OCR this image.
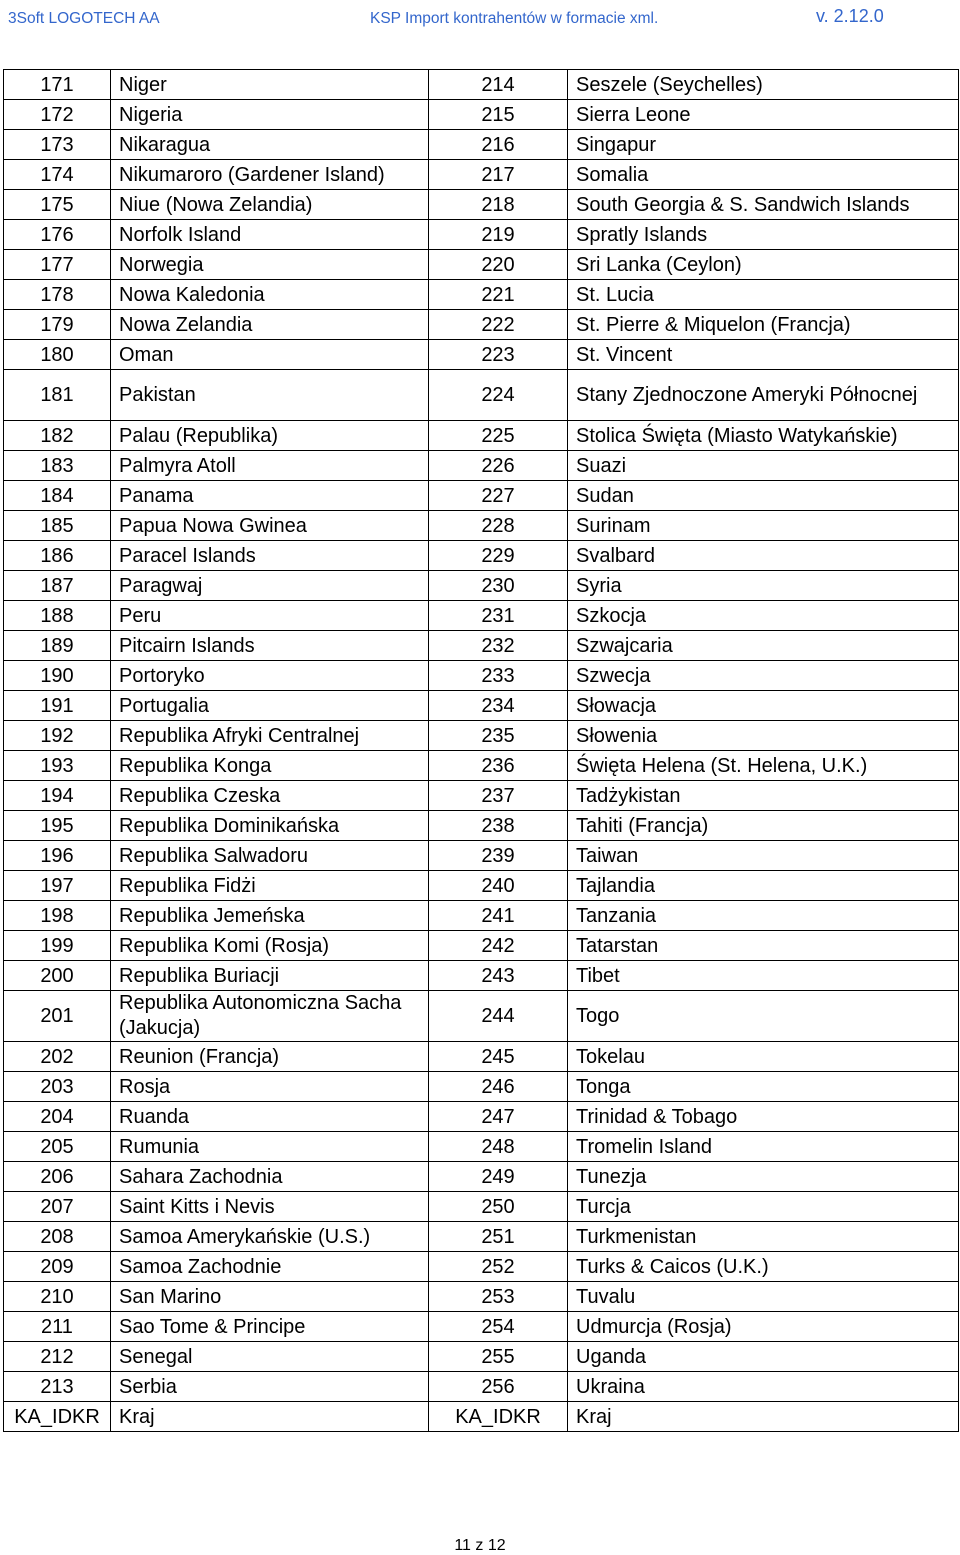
3Soft LOGOTECH AA	KSP Import kontrahentów w formacie xml.	v. 2.12.0
171	Niger	214	Seszele (Seychelles)
172	Nigeria	215	Sierra Leone
173	Nikaragua	216	Singapur
174	Nikumaroro (Gardener Island)	217	Somalia
175	Niue (Nowa Zelandia)	218	South Georgia & S. Sandwich Islands
176	Norfolk Island	219	Spratly Islands
177	Norwegia	220	Sri Lanka (Ceylon)
178	Nowa Kaledonia	221	St. Lucia
179	Nowa Zelandia	222	St. Pierre & Miquelon (Francja)
180	Oman	223	St. Vincent
181	Pakistan	224	Stany Zjednoczone Ameryki Północnej
182	Palau (Republika)	225	Stolica Święta (Miasto Watykańskie)
183	Palmyra Atoll	226	Suazi
184	Panama	227	Sudan
185	Papua Nowa Gwinea	228	Surinam
186	Paracel Islands	229	Svalbard
187	Paragwaj	230	Syria
188	Peru	231	Szkocja
189	Pitcairn Islands	232	Szwajcaria
190	Portoryko	233	Szwecja
191	Portugalia	234	Słowacja
192	Republika Afryki Centralnej	235	Słowenia
193	Republika Konga	236	Święta Helena (St. Helena, U.K.)
194	Republika Czeska	237	Tadżykistan
195	Republika Dominikańska	238	Tahiti (Francja)
196	Republika Salwadoru	239	Taiwan
197	Republika Fidżi	240	Tajlandia
198	Republika Jemeńska	241	Tanzania
199	Republika Komi (Rosja)	242	Tatarstan
200	Republika Buriacji	243	Tibet
201	Republika Autonomiczna Sacha (Jakucja)	244	Togo
202	Reunion (Francja)	245	Tokelau
203	Rosja	246	Tonga
204	Ruanda	247	Trinidad & Tobago
205	Rumunia	248	Tromelin Island
206	Sahara Zachodnia	249	Tunezja
207	Saint Kitts i Nevis	250	Turcja
208	Samoa Amerykańskie (U.S.)	251	Turkmenistan
209	Samoa Zachodnie	252	Turks & Caicos (U.K.)
210	San Marino	253	Tuvalu
211	Sao Tome & Principe	254	Udmurcja (Rosja)
212	Senegal	255	Uganda
213	Serbia	256	Ukraina
KA_IDKR	Kraj	KA_IDKR	Kraj
11 z 12
